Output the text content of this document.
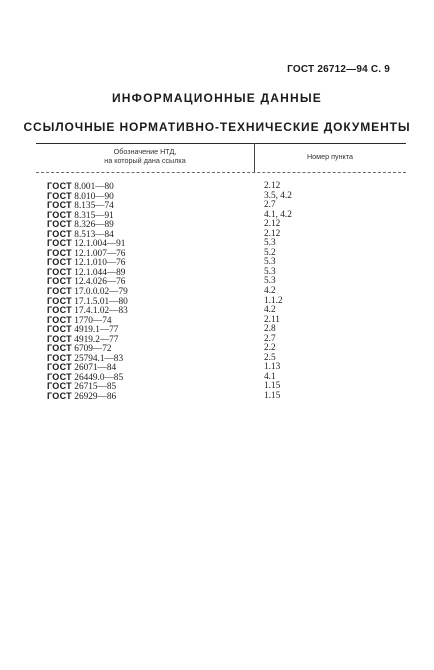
ГОСТ 26712—94 С. 9
ИНФОРМАЦИОННЫЕ ДАННЫЕ
ССЫЛОЧНЫЕ НОРМАТИВНО-ТЕХНИЧЕСКИЕ ДОКУМЕНТЫ
Обозначение НТД,
на который дана ссылка	Номер пункта
ГОСТ 8.001—80	2.12
ГОСТ 8.010—90	3.5, 4.2
ГОСТ 8.135—74	2.7
ГОСТ 8.315—91	4.1, 4.2
ГОСТ 8.326—89	2.12
ГОСТ 8.513—84	2.12
ГОСТ 12.1.004—91	5.3
ГОСТ 12.1.007—76	5.2
ГОСТ 12.1.010—76	5.3
ГОСТ 12.1.044—89	5.3
ГОСТ 12.4.026—76	5.3
ГОСТ 17.0.0.02—79	4.2
ГОСТ 17.1.5.01—80	1.1.2
ГОСТ 17.4.1.02—83	4.2
ГОСТ 1770—74	2.11
ГОСТ 4919.1—77	2.8
ГОСТ 4919.2—77	2.7
ГОСТ 6709—72	2.2
ГОСТ 25794.1—83	2.5
ГОСТ 26071—84	1.13
ГОСТ 26449.0—85	4.1
ГОСТ 26715—85	1.15
ГОСТ 26929—86	1.15
